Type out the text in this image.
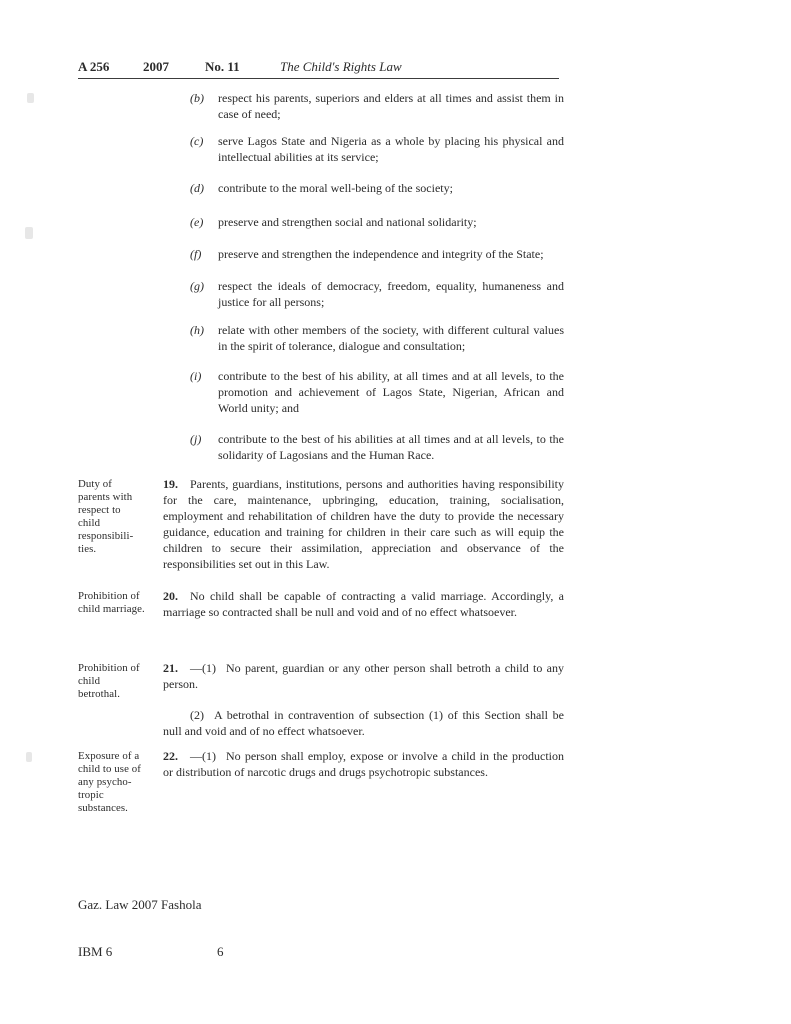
A 256	2007	No. 11	The Child's Rights Law
(b)	respect his parents, superiors and elders at all times and assist them in case of need;
(c)	serve Lagos State and Nigeria as a whole by placing his physical and intellectual abilities at its service;
(d)	contribute to the moral well-being of the society;
(e)	preserve and strengthen social and national solidarity;
(f)	preserve and strengthen the independence and integrity of the State;
(g)	respect the ideals of democracy, freedom, equality, humaneness and justice for all persons;
(h)	relate with other members of the society, with different cultural values in the spirit of tolerance, dialogue and consultation;
(i)	contribute to the best of his ability, at all times and at all levels, to the promotion and achievement of Lagos State, Nigerian, African and World unity; and
(j)	contribute to the best of his abilities at all times and at all levels, to the solidarity of Lagosians and the Human Race.
Duty of
parents with
respect to
child
responsibili-
ties.

19. Parents, guardians, institutions, persons and authorities having responsibility for the care, maintenance, upbringing, education, training, socialisation, employment and rehabilitation of children have the duty to provide the necessary guidance, education and training for children in their care such as will equip the children to secure their assimilation, appreciation and observance of the responsibilities set out in this Law.

Prohibition of
child marriage.

20. No child shall be capable of contracting a valid marriage. Accordingly, a marriage so contracted shall be null and void and of no effect whatsoever.

Prohibition of
child
betrothal.

21. —(1) No parent, guardian or any other person shall betroth a child to any person.

(2) A betrothal in contravention of subsection (1) of this Section shall be null and void and of no effect whatsoever.

Exposure of a
child to use of
any psycho-
tropic
substances.

22. —(1) No person shall employ, expose or involve a child in the production or distribution of narcotic drugs and drugs psychotropic substances.

Gaz. Law 2007 Fashola
IBM 6	6
